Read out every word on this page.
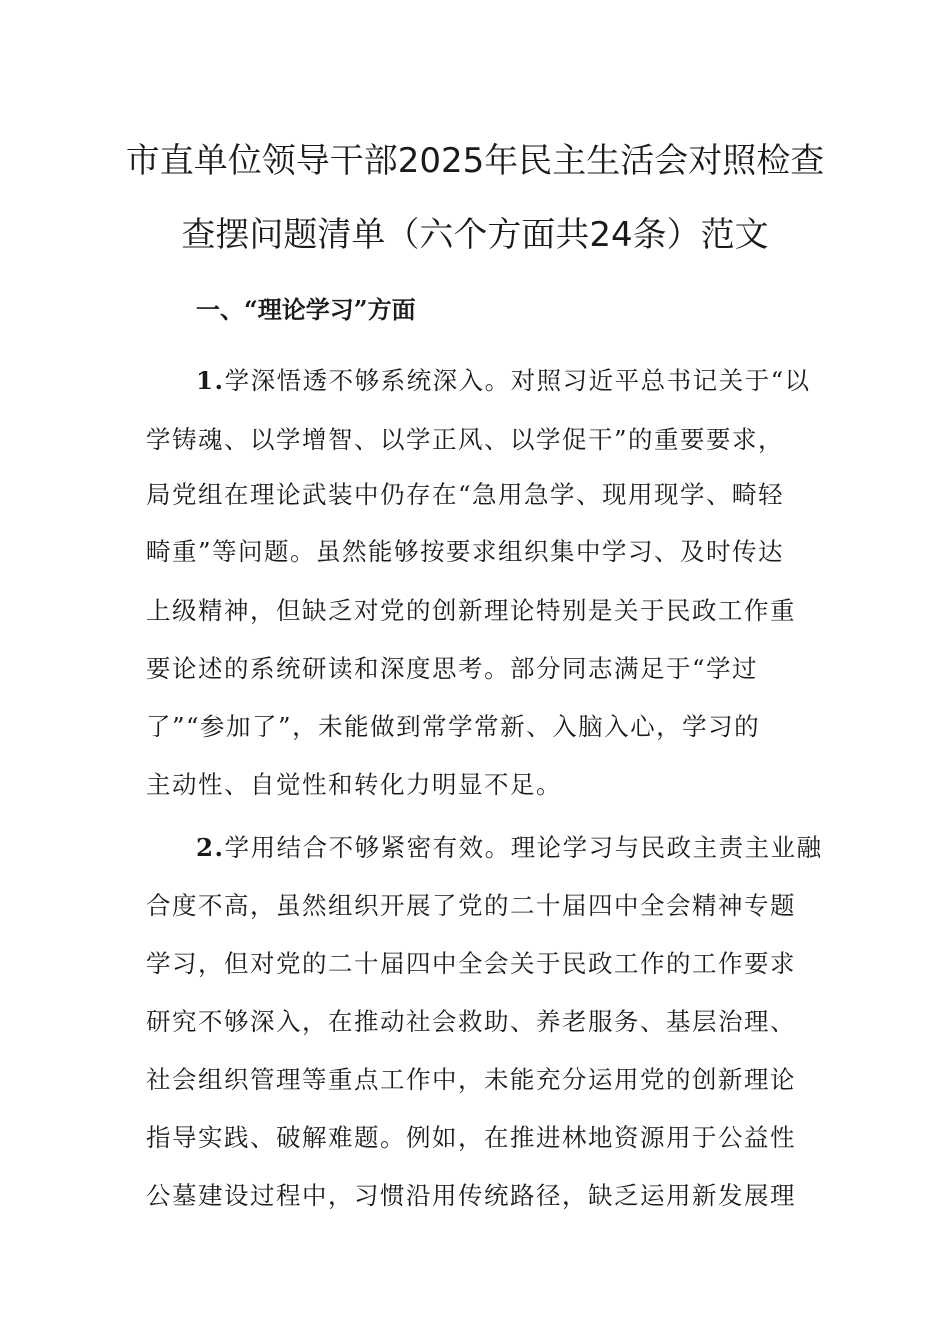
市直单位领导干部2025年民主生活会对照检查
查摆问题清单（六个方面共24条）范文
一、“理论学习”方面
1.学深悟透不够系统深入。对照习近平总书记关于“以
学铸魂、以学增智、以学正风、以学促干”的重要要求，
局党组在理论武装中仍存在“急用急学、现用现学、畸轻
畸重”等问题。虽然能够按要求组织集中学习、及时传达
上级精神，但缺乏对党的创新理论特别是关于民政工作重
要论述的系统研读和深度思考。部分同志满足于“学过
了”“参加了”，未能做到常学常新、入脑入心，学习的
主动性、自觉性和转化力明显不足。
2.学用结合不够紧密有效。理论学习与民政主责主业融
合度不高，虽然组织开展了党的二十届四中全会精神专题
学习，但对党的二十届四中全会关于民政工作的工作要求
研究不够深入，在推动社会救助、养老服务、基层治理、
社会组织管理等重点工作中，未能充分运用党的创新理论
指导实践、破解难题。例如，在推进林地资源用于公益性
公墓建设过程中，习惯沿用传统路径，缺乏运用新发展理
